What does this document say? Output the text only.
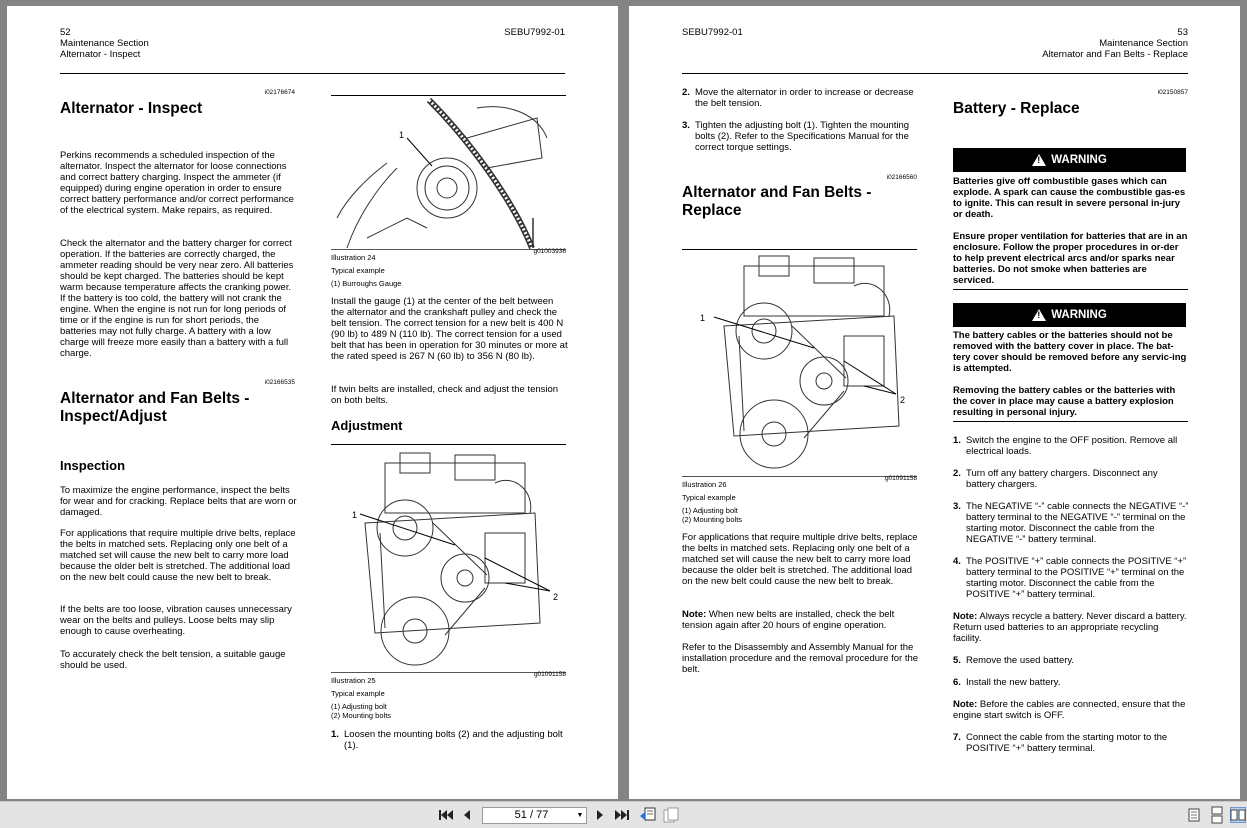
52
Maintenance Section
Alternator - Inspect
SEBU7992-01
i02176674
Alternator - Inspect

Perkins recommends a scheduled inspection of the alternator. Inspect the alternator for loose connections and correct battery charging. Inspect the ammeter (if equipped) during engine operation in order to ensure correct battery performance and/or correct performance of the electrical system. Make repairs, as required.

Check the alternator and the battery charger for correct operation. If the batteries are correctly charged, the ammeter reading should be very near zero. All batteries should be kept charged. The batteries should be kept warm because temperature affects the cranking power. If the battery is too cold, the battery will not crank the engine. When the engine is not run for long periods of time or if the engine is run for short periods, the batteries may not fully charge. A battery with a low charge will freeze more easily than a battery with a full charge.

i02166535
Alternator and Fan Belts - Inspect/Adjust
Inspection

To maximize the engine performance, inspect the belts for wear and for cracking. Replace belts that are worn or damaged.

For applications that require multiple drive belts, replace the belts in matched sets. Replacing only one belt of a matched set will cause the new belt to carry more load because the older belt is stretched. The additional load on the new belt could cause the new belt to break.

If the belts are too loose, vibration causes unnecessary wear on the belts and pulleys. Loose belts may slip enough to cause overheating.

To accurately check the belt tension, a suitable gauge should be used.

1
g01003936
Illustration 24
Typical example
(1) Burroughs Gauge

Install the gauge (1) at the center of the belt between the alternator and the crankshaft pulley and check the belt tension. The correct tension for a new belt is 400 N (90 lb) to 489 N (110 lb). The correct tension for a used belt that has been in operation for 30 minutes or more at the rated speed is 267 N (60 lb) to 356 N (80 lb).

If twin belts are installed, check and adjust the tension on both belts.

Adjustment
1
2
g01091158
Illustration 25
Typical example
(1) Adjusting bolt
(2) Mounting bolts
1. Loosen the mounting bolts (2) and the adjusting bolt (1).
SEBU7992-01	53
Maintenance Section
Alternator and Fan Belts - Replace
2. Move the alternator in order to increase or decrease the belt tension.
3. Tighten the adjusting bolt (1). Tighten the mounting bolts (2). Refer to the Specifications Manual for the correct torque settings.
i02166560
Alternator and Fan Belts - Replace
1
2
g01091158
Illustration 26
Typical example
(1) Adjusting bolt
(2) Mounting bolts

For applications that require multiple drive belts, replace the belts in matched sets. Replacing only one belt of a matched set will cause the new belt to carry more load because the older belt is stretched. The additional load on the new belt could cause the new belt to break.

Note: When new belts are installed, check the belt tension again after 20 hours of engine operation.

Refer to the Disassembly and Assembly Manual for the installation procedure and the removal procedure for the belt.

i02150857
Battery - Replace
!
WARNING

Batteries give off combustible gases which can explode. A spark can cause the combustible gas-es to ignite. This can result in severe personal in-jury or death.

Ensure proper ventilation for batteries that are in an enclosure. Follow the proper procedures in or-der to help prevent electrical arcs and/or sparks near batteries. Do not smoke when batteries are serviced.

!
WARNING

The battery cables or the batteries should not be removed with the battery cover in place. The bat-tery cover should be removed before any servic-ing is attempted.

Removing the battery cables or the batteries with the cover in place may cause a battery explosion resulting in personal injury.

1. Switch the engine to the OFF position. Remove all electrical loads.
2. Turn off any battery chargers. Disconnect any battery chargers.
3. The NEGATIVE “-” cable connects the NEGATIVE “-” battery terminal to the NEGATIVE “-” terminal on the starting motor. Disconnect the cable from the NEGATIVE “-” battery terminal.
4. The POSITIVE “+” cable connects the POSITIVE “+” battery terminal to the POSITIVE “+” terminal on the starting motor. Disconnect the cable from the POSITIVE “+” battery terminal.

Note: Always recycle a battery. Never discard a battery. Return used batteries to an appropriate recycling facility.

5. Remove the used battery.
6. Install the new battery.

Note: Before the cables are connected, ensure that the engine start switch is OFF.

7. Connect the cable from the starting motor to the POSITIVE “+” battery terminal.
51 / 77	▼
